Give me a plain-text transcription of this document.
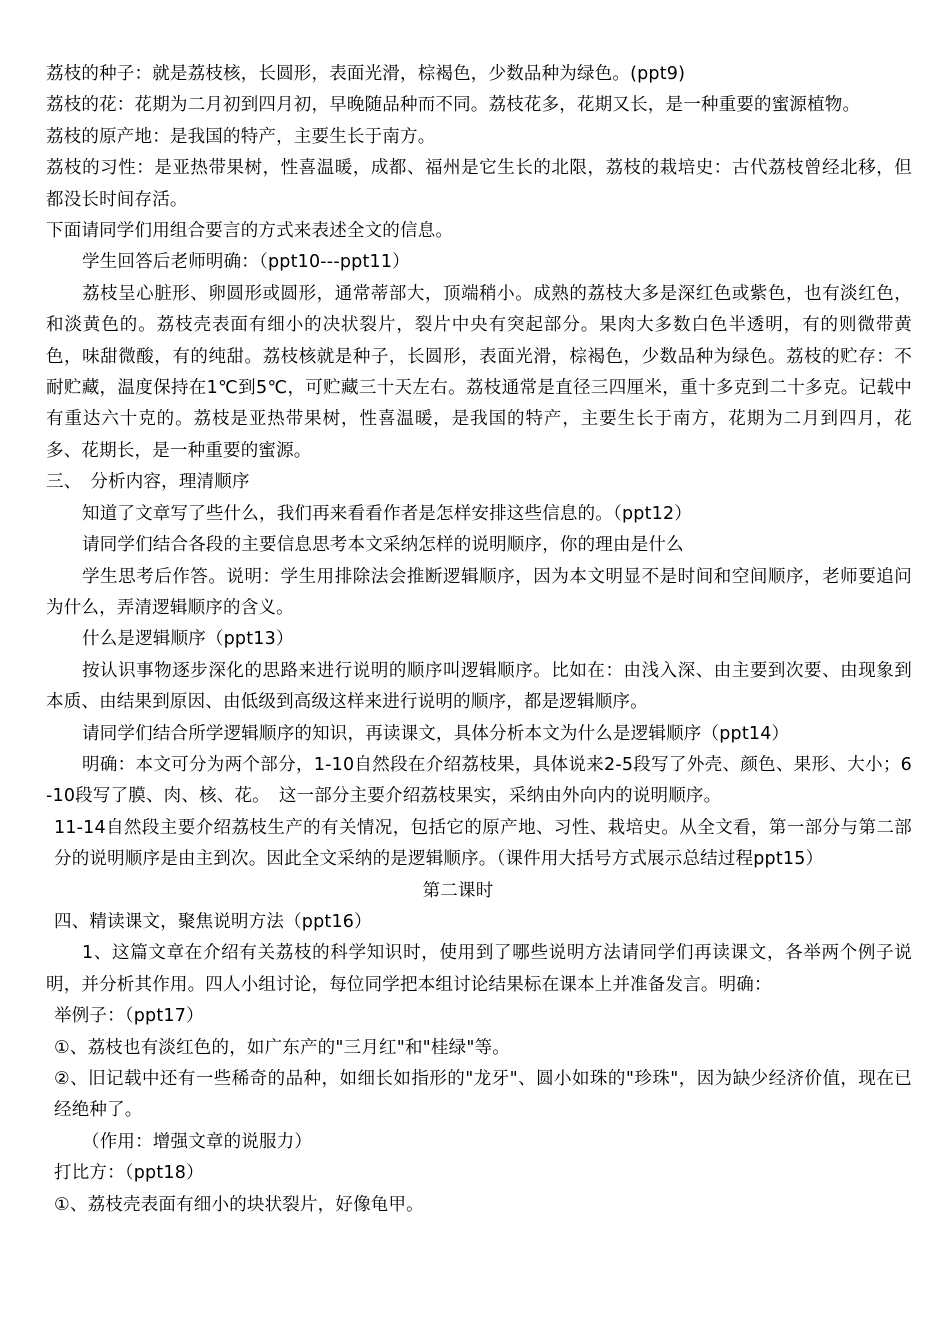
荔枝的种子：就是荔枝核，长圆形，表面光滑，棕褐色，少数品种为绿色。(ppt9)

荔枝的花：花期为二月初到四月初，早晚随品种而不同。荔枝花多，花期又长，是一种重要的蜜源植物。

荔枝的原产地：是我国的特产，主要生长于南方。

荔枝的习性：是亚热带果树，性喜温暖，成都、福州是它生长的北限，荔枝的栽培史：古代荔枝曾经北移，但都没长时间存活。

下面请同学们用组合要言的方式来表述全文的信息。

学生回答后老师明确：（ppt10---ppt11）

荔枝呈心脏形、卵圆形或圆形，通常蒂部大，顶端稍小。成熟的荔枝大多是深红色或紫色，也有淡红色，和淡黄色的。荔枝壳表面有细小的决状裂片，裂片中央有突起部分。果肉大多数白色半透明，有的则微带黄色，味甜微酸，有的纯甜。荔枝核就是种子，长圆形，表面光滑，棕褐色，少数品种为绿色。荔枝的贮存：不耐贮藏，温度保持在1℃到5℃，可贮藏三十天左右。荔枝通常是直径三四厘米，重十多克到二十多克。记载中有重达六十克的。荔枝是亚热带果树，性喜温暖，是我国的特产，主要生长于南方，花期为二月到四月，花多、花期长，是一种重要的蜜源。

三、　分析内容，理清顺序

知道了文章写了些什么，我们再来看看作者是怎样安排这些信息的。（ppt12）

请同学们结合各段的主要信息思考本文采纳怎样的说明顺序，你的理由是什么

学生思考后作答。说明：学生用排除法会推断逻辑顺序，因为本文明显不是时间和空间顺序，老师要追问为什么，弄清逻辑顺序的含义。

什么是逻辑顺序（ppt13）

按认识事物逐步深化的思路来进行说明的顺序叫逻辑顺序。比如在：由浅入深、由主要到次要、由现象到本质、由结果到原因、由低级到高级这样来进行说明的顺序，都是逻辑顺序。

请同学们结合所学逻辑顺序的知识，再读课文，具体分析本文为什么是逻辑顺序（ppt14）

明确：本文可分为两个部分，1-10自然段在介绍荔枝果，具体说来2-5段写了外壳、颜色、果形、大小；6-10段写了膜、肉、核、花。　这一部分主要介绍荔枝果实，采纳由外向内的说明顺序。

11-14自然段主要介绍荔枝生产的有关情况，包括它的原产地、习性、栽培史。从全文看，第一部分与第二部分的说明顺序是由主到次。因此全文采纳的是逻辑顺序。（课件用大括号方式展示总结过程ppt15）

第二课时

四、精读课文，聚焦说明方法（ppt16）

1、这篇文章在介绍有关荔枝的科学知识时，使用到了哪些说明方法请同学们再读课文，各举两个例子说明，并分析其作用。四人小组讨论，每位同学把本组讨论结果标在课本上并准备发言。明确：

举例子：（ppt17）

①、荔枝也有淡红色的，如广东产的"三月红"和"桂绿"等。

②、旧记载中还有一些稀奇的品种，如细长如指形的"龙牙"、圆小如珠的"珍珠"，因为缺少经济价值，现在已经绝种了。

（作用：增强文章的说服力）

打比方：（ppt18）

①、荔枝壳表面有细小的块状裂片，好像龟甲。
